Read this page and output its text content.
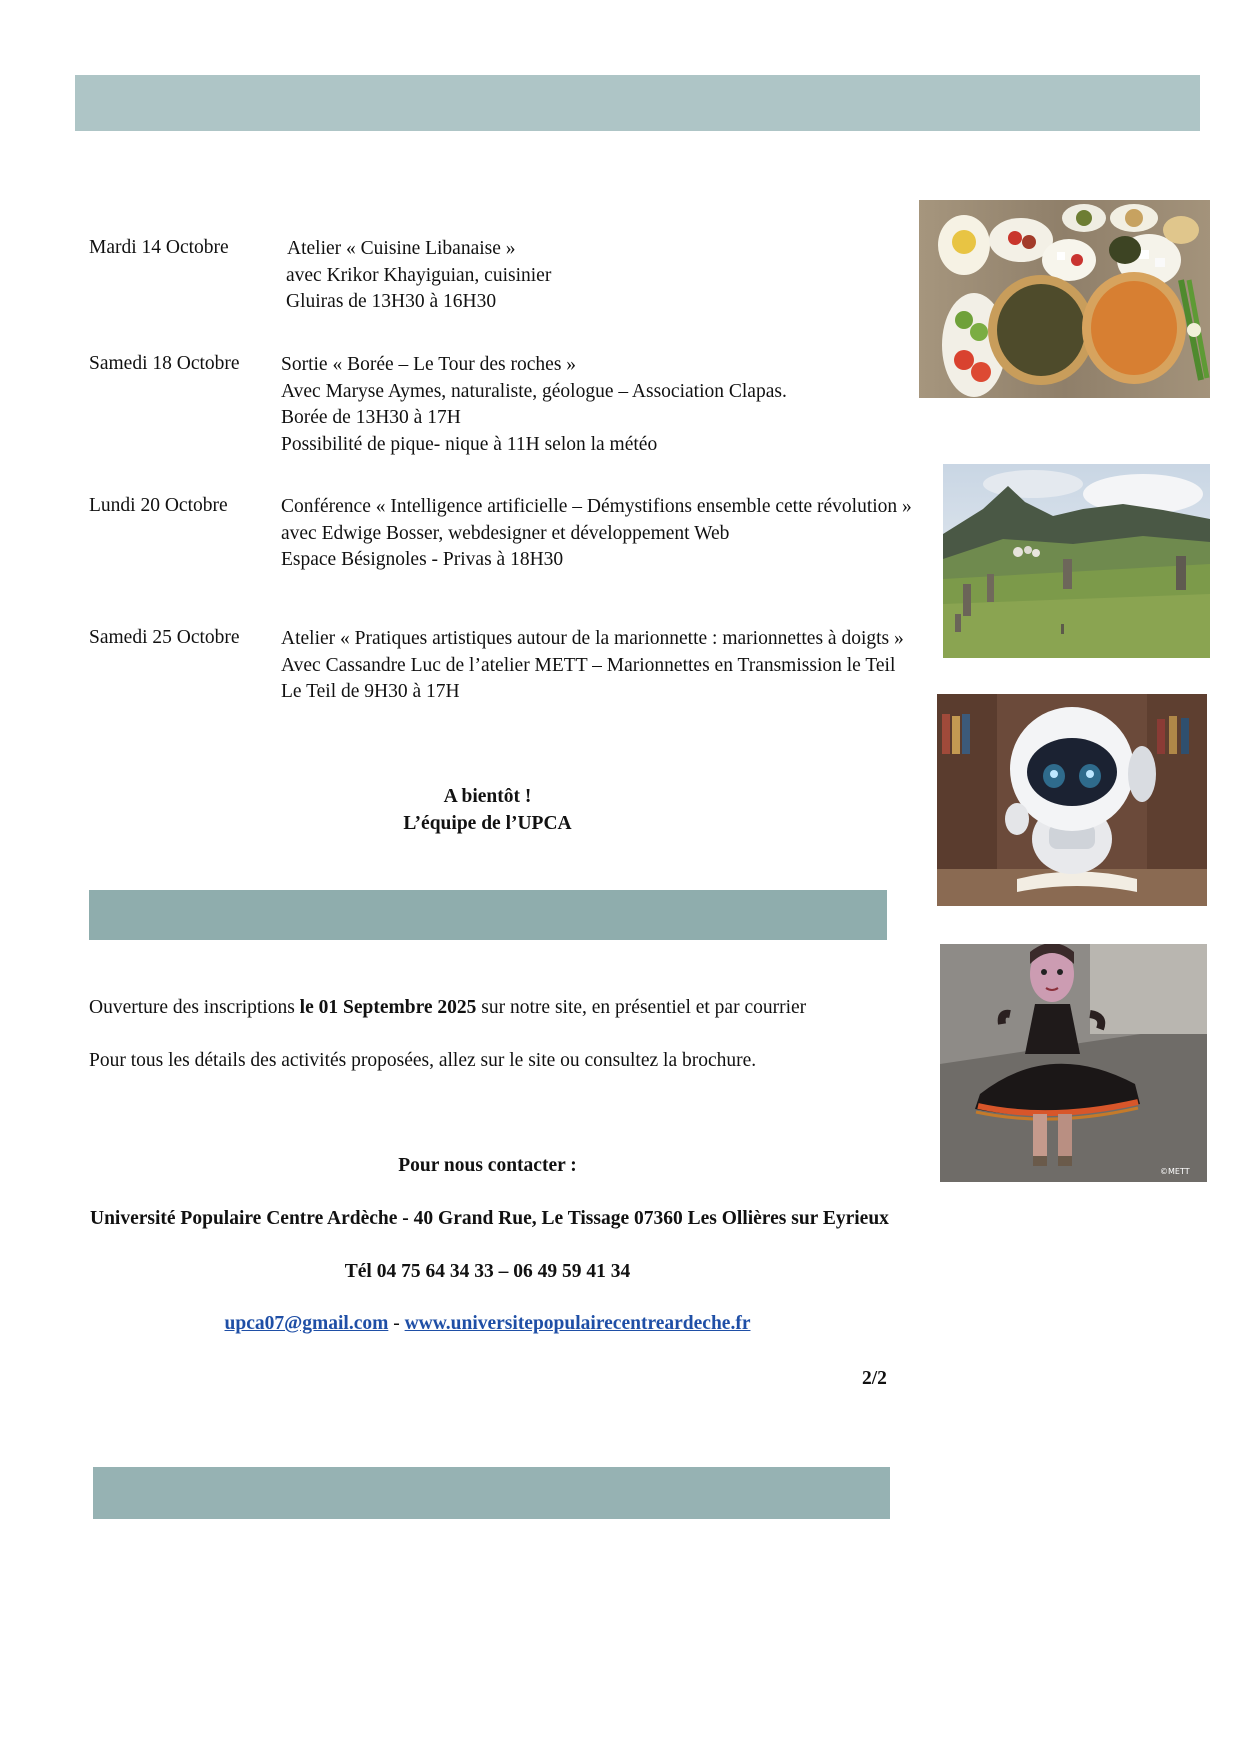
Mardi 14 Octobre	Atelier « Cuisine Libanaise »
avec Krikor Khayiguian, cuisinier
Gluiras de 13H30 à 16H30
Samedi 18 Octobre Sortie « Borée – Le Tour des roches »
Avec Maryse Aymes, naturaliste, géologue – Association Clapas.
Borée de 13H30 à 17H
Possibilité de pique- nique à 11H selon la météo
Lundi 20 Octobre	Conférence « Intelligence artificielle – Démystifions ensemble cette révolution »
avec Edwige Bosser, webdesigner et développement Web
Espace Bésignoles - Privas à 18H30
Samedi 25 Octobre Atelier « Pratiques artistiques autour de la marionnette : marionnettes à doigts »
Avec Cassandre Luc de l’atelier METT – Marionnettes en Transmission le Teil
Le Teil de 9H30 à 17H
A bientôt !
L’équipe de l’UPCA
Ouverture des inscriptions le 01 Septembre 2025 sur notre site, en présentiel et par courrier
Pour tous les détails des activités proposées, allez sur le site ou consultez la brochure.
Pour nous contacter :
Université Populaire Centre Ardèche - 40 Grand Rue, Le Tissage 07360 Les Ollières sur Eyrieux
Tél 04 75 64 34 33 – 06 49 59 41 34
upca07@gmail.com - www.universitepopulairecentreardeche.fr
2/2
©METT
